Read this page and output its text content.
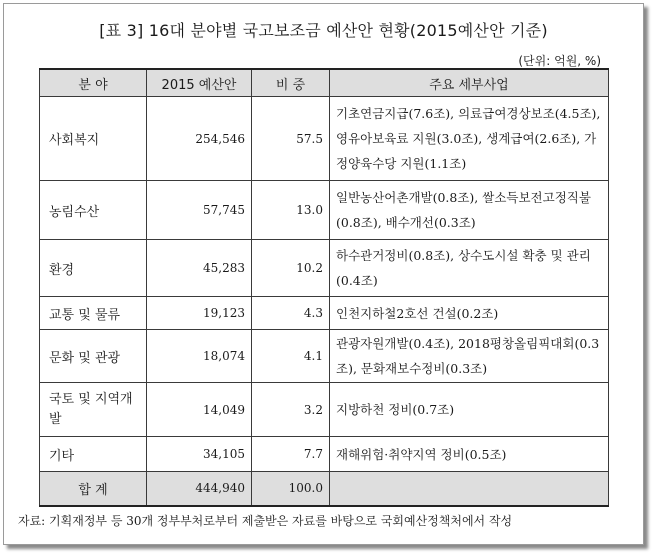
[표 3] 16대 분야별 국고보조금 예산안 현황(2015예산안 기준)
(단위: 억원, %)
분 야	2015 예산안	비 중	주요 세부사업
사회복지	254,546	57.5	기초연금지급(7.6조), 의료급여경상보조(4.5조), 영유아보육료 지원(3.0조), 생계급여(2.6조), 가정양육수당 지원(1.1조)
농림수산	57,745	13.0	일반농산어촌개발(0.8조), 쌀소득보전고정직불(0.8조), 배수개선(0.3조)
환경	45,283	10.2	하수관거정비(0.8조), 상수도시설 확충 및 관리(0.4조)
교통 및 물류	19,123	4.3	인천지하철2호선 건설(0.2조)
문화 및 관광	18,074	4.1	관광자원개발(0.4조), 2018평창올림픽대회(0.3조), 문화재보수정비(0.3조)
국토 및 지역개발	14,049	3.2	지방하천 정비(0.7조)
기타	34,105	7.7	재해위험·취약지역 정비(0.5조)
합 계	444,940	100.0	
자료: 기획재정부 등 30개 정부부처로부터 제출받은 자료를 바탕으로 국회예산정책처에서 작성
